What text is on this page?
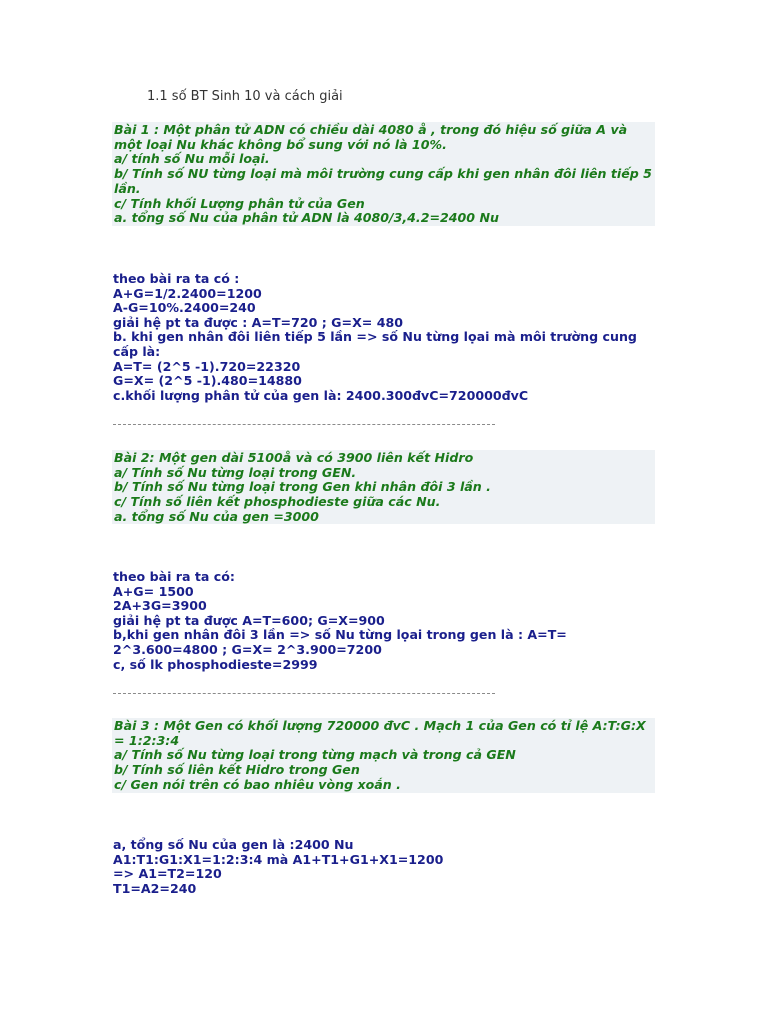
1.1 số BT Sinh 10 và cách giải
Bài 1 : Một phân tử ADN có chiều dài 4080 å , trong đó hiệu số giữa A và
một loại Nu khác không bổ sung với nó là 10%.
a/ tính số Nu mỗi loại.
b/ Tính số NU từng loại mà môi trường cung cấp khi gen nhân đôi liên tiếp 5
lần.
c/ Tính khối Lượng phân tử của Gen
a. tổng số Nu của phân tử ADN là 4080/3,4.2=2400 Nu
theo bài ra ta có :
A+G=1/2.2400=1200
A-G=10%.2400=240
giải hệ pt ta được : A=T=720 ; G=X= 480
b. khi gen nhân đôi liên tiếp 5 lần => số Nu từng lọai mà môi trường cung
cấp là:
A=T= (2^5 -1).720=22320
G=X= (2^5 -1).480=14880
c.khối lượng phân tử của gen là: 2400.300đvC=720000đvC
Bài 2: Một gen dài 5100å và có 3900 liên kết Hidro
a/ Tính số Nu từng loại trong GEN.
b/ Tính số Nu từng loại trong Gen khi nhân đôi 3 lần .
c/ Tính số liên kết phosphodieste giữa các Nu.
a. tổng số Nu của gen =3000
theo bài ra ta có:
A+G= 1500
2A+3G=3900
giải hệ pt ta được A=T=600; G=X=900
b,khi gen nhân đôi 3 lần => số Nu từng lọai trong gen là : A=T=
2^3.600=4800 ; G=X= 2^3.900=7200
c, số lk phosphodieste=2999
Bài 3 : Một Gen có khối lượng 720000 đvC . Mạch 1 của Gen có tỉ lệ A:T:G:X
= 1:2:3:4
a/ Tính số Nu từng loại trong từng mạch và trong cả GEN
b/ Tính số liên kết Hidro trong Gen
c/ Gen nói trên có bao nhiêu vòng xoắn .
a, tổng số Nu của gen là :2400 Nu
A1:T1:G1:X1=1:2:3:4 mà A1+T1+G1+X1=1200
=> A1=T2=120
T1=A2=240
